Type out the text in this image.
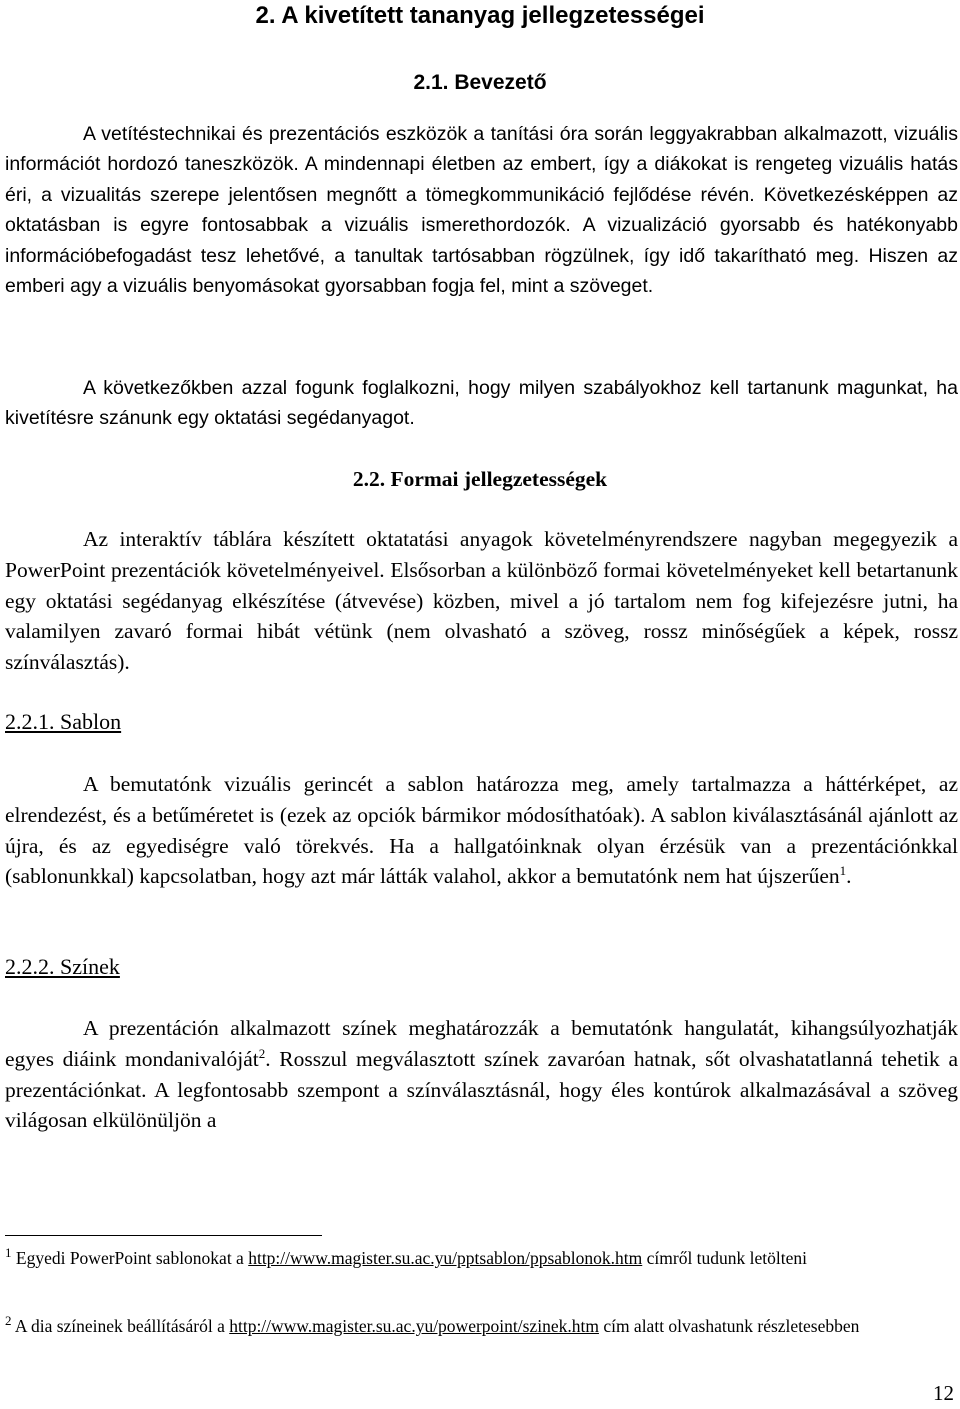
2. A kivetített tananyag jellegzetességei
2.1. Bevezető

A vetítéstechnikai és prezentációs eszközök a tanítási óra során leggyakrabban alkalmazott, vizuális információt hordozó taneszközök. A mindennapi életben az embert, így a diákokat is rengeteg vizuális hatás éri, a vizualitás szerepe jelentősen megnőtt a tömegkommunikáció fejlődése révén. Következésképpen az oktatásban is egyre fontosabbak a vizuális ismerethordozók. A vizualizáció gyorsabb és hatékonyabb információbefogadást tesz lehetővé, a tanultak tartósabban rögzülnek, így idő takarítható meg. Hiszen az emberi agy a vizuális benyomásokat gyorsabban fogja fel, mint a szöveget.

A következőkben azzal fogunk foglalkozni, hogy milyen szabályokhoz kell tartanunk magunkat, ha kivetítésre szánunk egy oktatási segédanyagot.

2.2. Formai jellegzetességek

Az interaktív táblára készített oktatatási anyagok követelményrendszere nagyban megegyezik a PowerPoint prezentációk követelményeivel. Elsősorban a különböző formai követelményeket kell betartanunk egy oktatási segédanyag elkészítése (átvevése) közben, mivel a jó tartalom nem fog kifejezésre jutni, ha valamilyen zavaró formai hibát vétünk (nem olvasható a szöveg, rossz minőségűek a képek, rossz színválasztás).

2.2.1. Sablon

A bemutatónk vizuális gerincét a sablon határozza meg, amely tartalmazza a háttérképet, az elrendezést, és a betűméretet is (ezek az opciók bármikor módosíthatóak). A sablon kiválasztásánál ajánlott az újra, és az egyediségre való törekvés. Ha a hallgatóinknak olyan érzésük van a prezentációnkkal (sablonunkkal) kapcsolatban, hogy azt már látták valahol, akkor a bemutatónk nem hat újszerűen$^1$.

2.2.2. Színek

A prezentáción alkalmazott színek meghatározzák a bemutatónk hangulatát, kihangsúlyozhatják egyes diáink mondanivalóját$^2$. Rosszul megválasztott színek zavaróan hatnak, sőt olvashatatlanná tehetik a prezentációnkat. A legfontosabb szempont a színválasztásnál, hogy éles kontúrok alkalmazásával a szöveg világosan elkülönüljön a

$^1$ Egyedi PowerPoint sablonokat a http://www.magister.su.ac.yu/pptsablon/ppsablonok.htm címről tudunk letölteni

$^2$ A dia színeinek beállításáról a http://www.magister.su.ac.yu/powerpoint/szinek.htm cím alatt olvashatunk részletesebben

12
